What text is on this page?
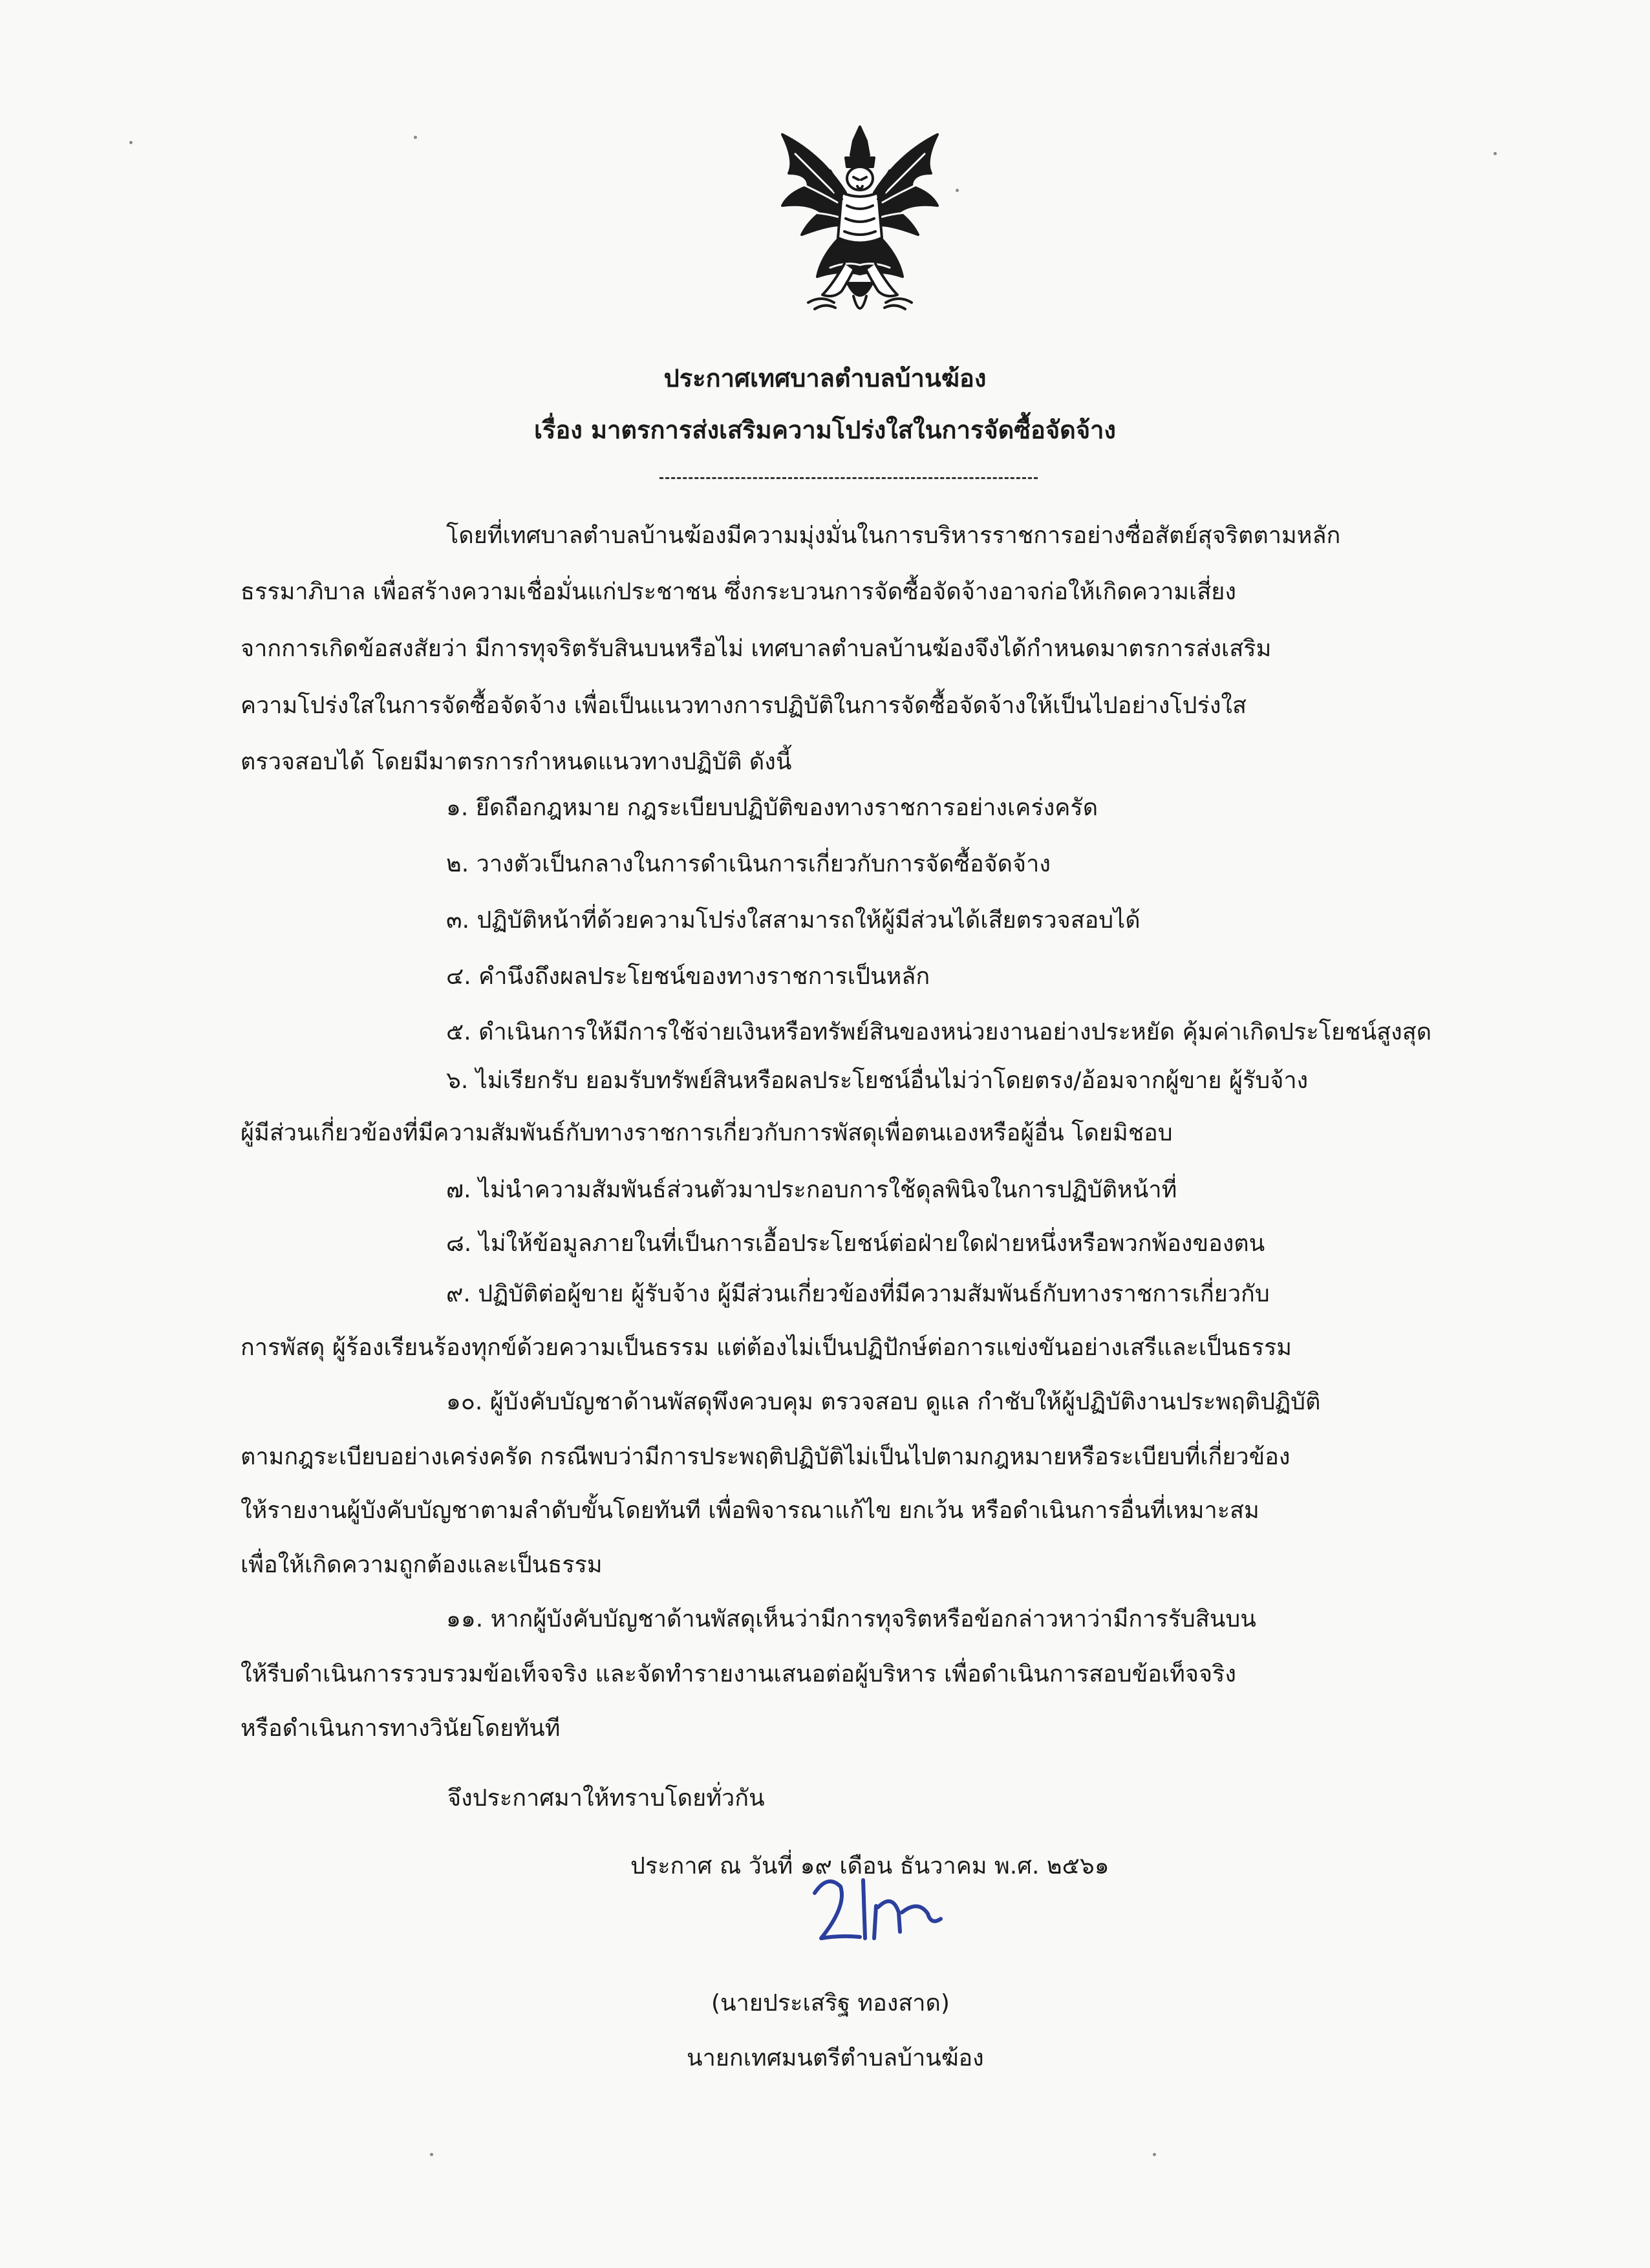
ประกาศเทศบาลตำบลบ้านฆ้อง
เรื่อง มาตรการส่งเสริมความโปร่งใสในการจัดซื้อจัดจ้าง
โดยที่เทศบาลตำบลบ้านฆ้องมีความมุ่งมั่นในการบริหารราชการอย่างซื่อสัตย์สุจริตตามหลัก
ธรรมาภิบาล เพื่อสร้างความเชื่อมั่นแก่ประชาชน ซึ่งกระบวนการจัดซื้อจัดจ้างอาจก่อให้เกิดความเสี่ยง
จากการเกิดข้อสงสัยว่า มีการทุจริตรับสินบนหรือไม่ เทศบาลตำบลบ้านฆ้องจึงได้กำหนดมาตรการส่งเสริม
ความโปร่งใสในการจัดซื้อจัดจ้าง เพื่อเป็นแนวทางการปฏิบัติในการจัดซื้อจัดจ้างให้เป็นไปอย่างโปร่งใส
ตรวจสอบได้ โดยมีมาตรการกำหนดแนวทางปฏิบัติ ดังนี้
๑. ยึดถือกฎหมาย กฎระเบียบปฏิบัติของทางราชการอย่างเคร่งครัด
๒. วางตัวเป็นกลางในการดำเนินการเกี่ยวกับการจัดซื้อจัดจ้าง
๓. ปฏิบัติหน้าที่ด้วยความโปร่งใสสามารถให้ผู้มีส่วนได้เสียตรวจสอบได้
๔. คำนึงถึงผลประโยชน์ของทางราชการเป็นหลัก
๕. ดำเนินการให้มีการใช้จ่ายเงินหรือทรัพย์สินของหน่วยงานอย่างประหยัด คุ้มค่าเกิดประโยชน์สูงสุด
๖. ไม่เรียกรับ ยอมรับทรัพย์สินหรือผลประโยชน์อื่นไม่ว่าโดยตรง/อ้อมจากผู้ขาย ผู้รับจ้าง
ผู้มีส่วนเกี่ยวข้องที่มีความสัมพันธ์กับทางราชการเกี่ยวกับการพัสดุเพื่อตนเองหรือผู้อื่น โดยมิชอบ
๗. ไม่นำความสัมพันธ์ส่วนตัวมาประกอบการใช้ดุลพินิจในการปฏิบัติหน้าที่
๘. ไม่ให้ข้อมูลภายในที่เป็นการเอื้อประโยชน์ต่อฝ่ายใดฝ่ายหนึ่งหรือพวกพ้องของตน
๙. ปฏิบัติต่อผู้ขาย ผู้รับจ้าง ผู้มีส่วนเกี่ยวข้องที่มีความสัมพันธ์กับทางราชการเกี่ยวกับ
การพัสดุ ผู้ร้องเรียนร้องทุกข์ด้วยความเป็นธรรม แต่ต้องไม่เป็นปฏิปักษ์ต่อการแข่งขันอย่างเสรีและเป็นธรรม
๑๐. ผู้บังคับบัญชาด้านพัสดุพึงควบคุม ตรวจสอบ ดูแล กำชับให้ผู้ปฏิบัติงานประพฤติปฏิบัติ
ตามกฎระเบียบอย่างเคร่งครัด กรณีพบว่ามีการประพฤติปฏิบัติไม่เป็นไปตามกฎหมายหรือระเบียบที่เกี่ยวข้อง
ให้รายงานผู้บังคับบัญชาตามลำดับขั้นโดยทันที เพื่อพิจารณาแก้ไข ยกเว้น หรือดำเนินการอื่นที่เหมาะสม
เพื่อให้เกิดความถูกต้องและเป็นธรรม
๑๑. หากผู้บังคับบัญชาด้านพัสดุเห็นว่ามีการทุจริตหรือข้อกล่าวหาว่ามีการรับสินบน
ให้รีบดำเนินการรวบรวมข้อเท็จจริง และจัดทำรายงานเสนอต่อผู้บริหาร เพื่อดำเนินการสอบข้อเท็จจริง
หรือดำเนินการทางวินัยโดยทันที
จึงประกาศมาให้ทราบโดยทั่วกัน
ประกาศ ณ วันที่ ๑๙ เดือน ธันวาคม พ.ศ. ๒๕๖๑
(นายประเสริฐ ทองสาด)
นายกเทศมนตรีตำบลบ้านฆ้อง
